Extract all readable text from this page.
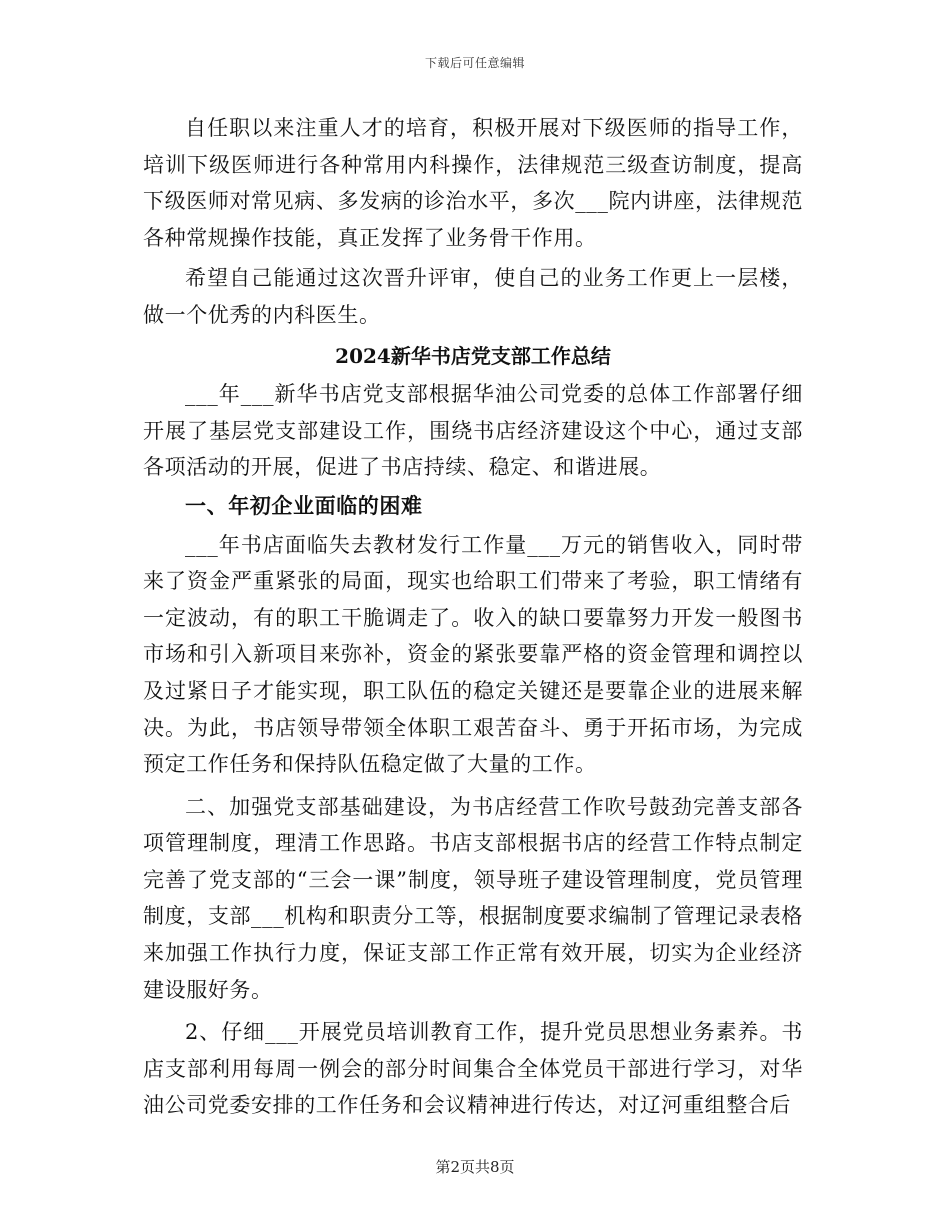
下载后可任意编辑

自任职以来注重人才的培育，积极开展对下级医师的指导工作，培训下级医师进行各种常用内科操作，法律规范三级查访制度，提高下级医师对常见病、多发病的诊治水平，多次___院内讲座，法律规范各种常规操作技能，真正发挥了业务骨干作用。

希望自己能通过这次晋升评审，使自己的业务工作更上一层楼，做一个优秀的内科医生。

2024新华书店党支部工作总结

___年___新华书店党支部根据华油公司党委的总体工作部署仔细开展了基层党支部建设工作，围绕书店经济建设这个中心，通过支部各项活动的开展，促进了书店持续、稳定、和谐进展。

一、年初企业面临的困难

___年书店面临失去教材发行工作量___万元的销售收入，同时带来了资金严重紧张的局面，现实也给职工们带来了考验，职工情绪有一定波动，有的职工干脆调走了。收入的缺口要靠努力开发一般图书市场和引入新项目来弥补，资金的紧张要靠严格的资金管理和调控以及过紧日子才能实现，职工队伍的稳定关键还是要靠企业的进展来解决。为此，书店领导带领全体职工艰苦奋斗、勇于开拓市场，为完成预定工作任务和保持队伍稳定做了大量的工作。

二、加强党支部基础建设，为书店经营工作吹号鼓劲完善支部各项管理制度，理清工作思路。书店支部根据书店的经营工作特点制定完善了党支部的“三会一课”制度，领导班子建设管理制度，党员管理制度，支部___机构和职责分工等，根据制度要求编制了管理记录表格来加强工作执行力度，保证支部工作正常有效开展，切实为企业经济建设服好务。

2、仔细___开展党员培训教育工作，提升党员思想业务素养。书店支部利用每周一例会的部分时间集合全体党员干部进行学习，对华油公司党委安排的工作任务和会议精神进行传达，对辽河重组整合后

第2页共8页
